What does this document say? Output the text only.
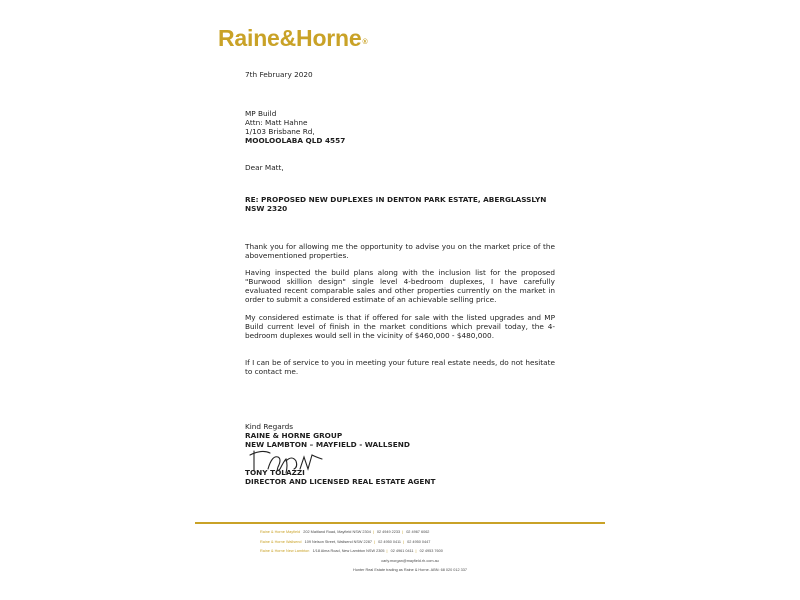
Raine&Horne®
7th February 2020
MP Build
Attn: Matt Hahne
1/103 Brisbane Rd,
MOOLOOLABA QLD 4557
Dear Matt,
RE: PROPOSED NEW DUPLEXES IN DENTON PARK ESTATE, ABERGLASSLYN
NSW 2320
Thank you for allowing me the opportunity to advise you on the market price of the abovementioned properties.
Having inspected the build plans along with the inclusion list for the proposed "Burwood skillion design" single level 4-bedroom duplexes, I have carefully evaluated recent comparable sales and other properties currently on the market in order to submit a considered estimate of an achievable selling price.
My considered estimate is that if offered for sale with the listed upgrades and MP Build current level of finish in the market conditions which prevail today, the 4-bedroom duplexes would sell in the vicinity of $460,000 - $480,000.
If I can be of service to you in meeting your future real estate needs, do not hesitate to contact me.
Kind Regards
RAINE & HORNE GROUP
NEW LAMBTON – MAYFIELD - WALLSEND
TONY TOLAZZI
DIRECTOR AND LICENSED REAL ESTATE AGENT
Raine & Horne Mayfield 202 Maitland Road, Mayfield NSW 2304 | 02 4949 2233 | 02 4967 6062
Raine & Horne Wallsend 109 Nelson Street, Wallsend NSW 2287 | 02 4950 0411 | 02 4950 0447
Raine & Horne New Lambton 1/18 Alma Road, New Lambton NSW 2305 | 02 4961 0411 | 02 4953 7600
carly.morgan@mayfield.rh.com.au
Hunter Real Estate trading as Raine & Horne. ABN: 68 020 012 337
